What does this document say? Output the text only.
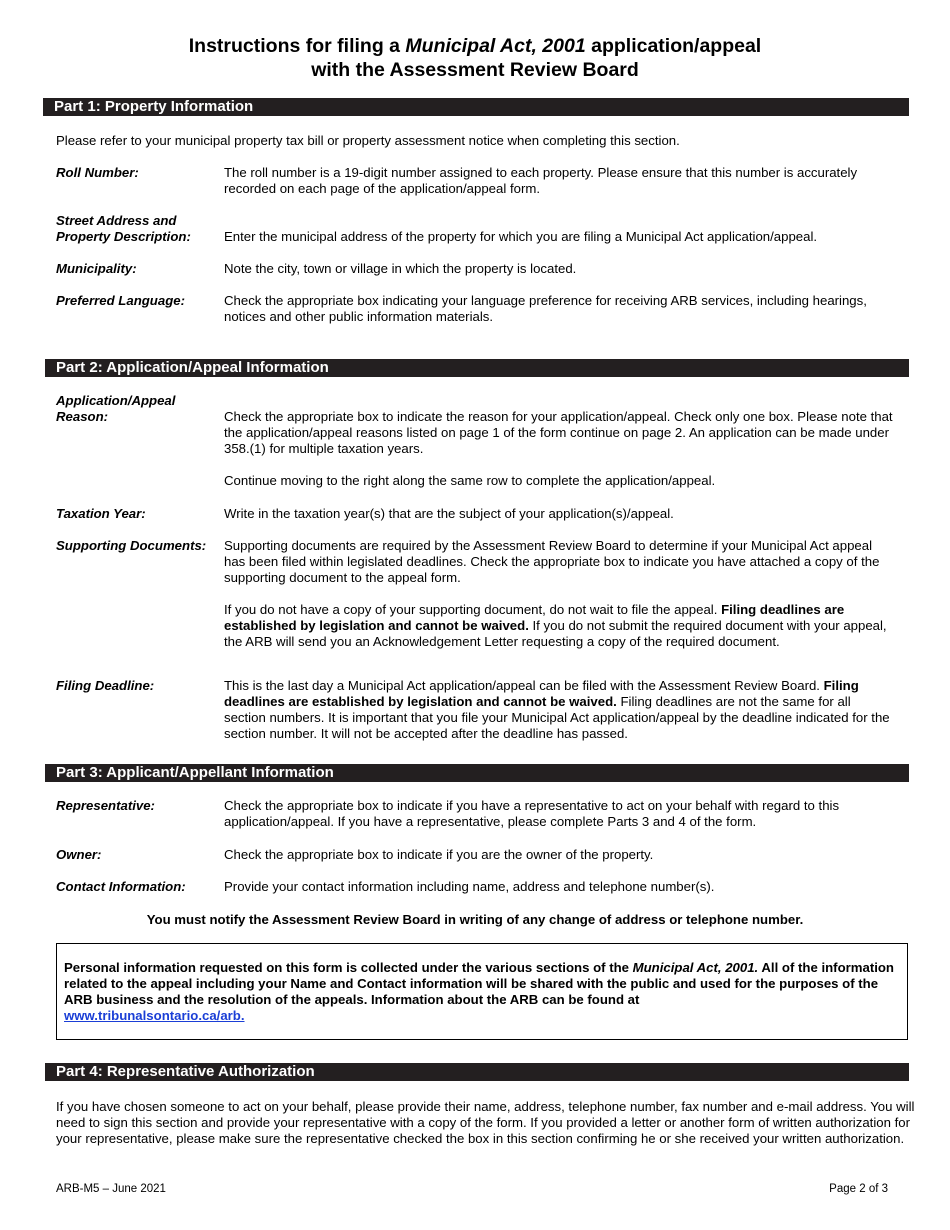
Instructions for filing a Municipal Act, 2001 application/appeal
with the Assessment Review Board
Part 1: Property Information
Please refer to your municipal property tax bill or property assessment notice when completing this section.
Roll Number:	The roll number is a 19-digit number assigned to each property. Please ensure that this number is accurately recorded on each page of the application/appeal form.
Street Address and
Property Description:	Enter the municipal address of the property for which you are filing a Municipal Act application/appeal.
Municipality:	Note the city, town or village in which the property is located.
Preferred Language:	Check the appropriate box indicating your language preference for receiving ARB services, including hearings, notices and other public information materials.
Part 2: Application/Appeal Information
Application/Appeal
Reason:	Check the appropriate box to indicate the reason for your application/appeal. Check only one box. Please note that the application/appeal reasons listed on page 1 of the form continue on page 2. An application can be made under 358.(1) for multiple taxation years.

Continue moving to the right along the same row to complete the application/appeal.

Taxation Year:	Write in the taxation year(s) that are the subject of your application(s)/appeal.
Supporting Documents:	Supporting documents are required by the Assessment Review Board to determine if your Municipal Act appeal has been filed within legislated deadlines. Check the appropriate box to indicate you have attached a copy of the supporting document to the appeal form.

If you do not have a copy of your supporting document, do not wait to file the appeal. Filing deadlines are established by legislation and cannot be waived. If you do not submit the required document with your appeal, the ARB will send you an Acknowledgement Letter requesting a copy of the required document.

Filing Deadline:	This is the last day a Municipal Act application/appeal can be filed with the Assessment Review Board. Filing deadlines are established by legislation and cannot be waived. Filing deadlines are not the same for all section numbers. It is important that you file your Municipal Act application/appeal by the deadline indicated for the section number. It will not be accepted after the deadline has passed.
Part 3: Applicant/Appellant Information
Representative:	Check the appropriate box to indicate if you have a representative to act on your behalf with regard to this application/appeal. If you have a representative, please complete Parts 3 and 4 of the form.
Owner:	Check the appropriate box to indicate if you are the owner of the property.
Contact Information:	Provide your contact information including name, address and telephone number(s).
You must notify the Assessment Review Board in writing of any change of address or telephone number.
Personal information requested on this form is collected under the various sections of the Municipal Act, 2001. All of the information related to the appeal including your Name and Contact information will be shared with the public and used for the purposes of the ARB business and the resolution of the appeals. Information about the ARB can be found at
www.tribunalsontario.ca/arb.
Part 4: Representative Authorization
If you have chosen someone to act on your behalf, please provide their name, address, telephone number, fax number and e-mail address. You will need to sign this section and provide your representative with a copy of the form. If you provided a letter or another form of written authorization for your representative, please make sure the representative checked the box in this section confirming he or she received your written authorization.
ARB-M5 – June 2021	Page 2 of 3
